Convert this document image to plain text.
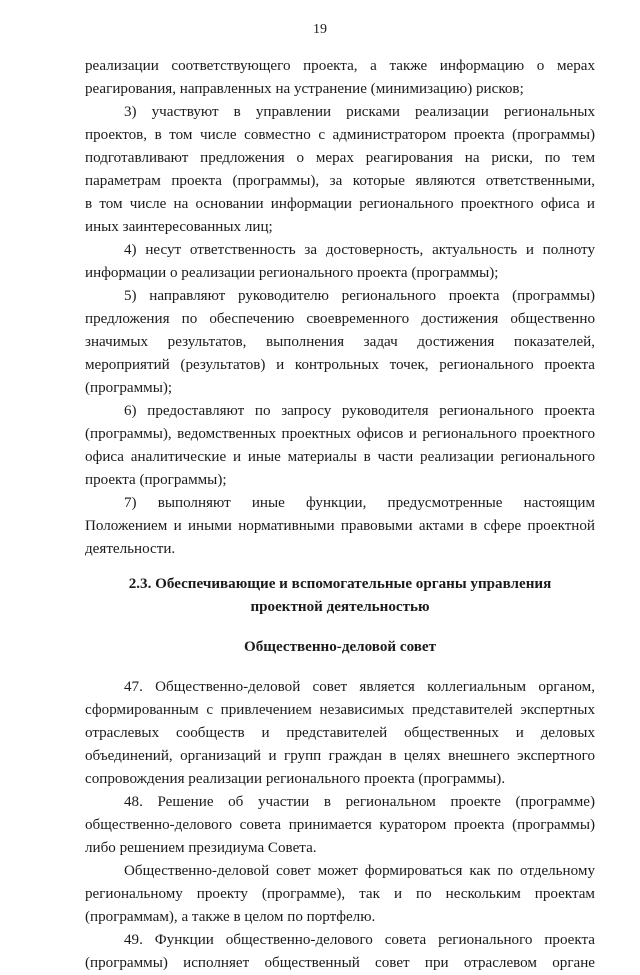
19
реализации соответствующего проекта, а также информацию о мерах
реагирования, направленных на устранение (минимизацию) рисков;
3) участвуют в управлении рисками реализации региональных
проектов, в том числе совместно с администратором проекта (программы)
подготавливают предложения о мерах реагирования на риски, по тем
параметрам проекта (программы), за которые являются ответственными,
в том числе на основании информации регионального проектного офиса и
иных заинтересованных лиц;
4) несут ответственность за достоверность, актуальность и полноту
информации о реализации регионального проекта (программы);
5) направляют руководителю регионального проекта (программы)
предложения по обеспечению своевременного достижения общественно
значимых результатов, выполнения задач достижения показателей,
мероприятий (результатов) и контрольных точек, регионального проекта
(программы);
6) предоставляют по запросу руководителя регионального проекта
(программы), ведомственных проектных офисов и регионального проектного
офиса аналитические и иные материалы в части реализации регионального
проекта (программы);
7) выполняют иные функции, предусмотренные настоящим
Положением и иными нормативными правовыми актами в сфере проектной
деятельности.
2.3. Обеспечивающие и вспомогательные органы управления
проектной деятельностью
Общественно-деловой совет
47. Общественно-деловой совет является коллегиальным органом,
сформированным с привлечением независимых представителей экспертных
отраслевых сообществ и представителей общественных и деловых
объединений, организаций и групп граждан в целях внешнего экспертного
сопровождения реализации регионального проекта (программы).
48. Решение об участии в региональном проекте (программе)
общественно-делового совета принимается куратором проекта (программы)
либо решением президиума Совета.
Общественно-деловой совет может формироваться как по отдельному
региональному проекту (программе), так и по нескольким проектам
(программам), а также в целом по портфелю.
49. Функции общественно-делового совета регионального проекта
(программы) исполняет общественный совет при отраслевом органе
